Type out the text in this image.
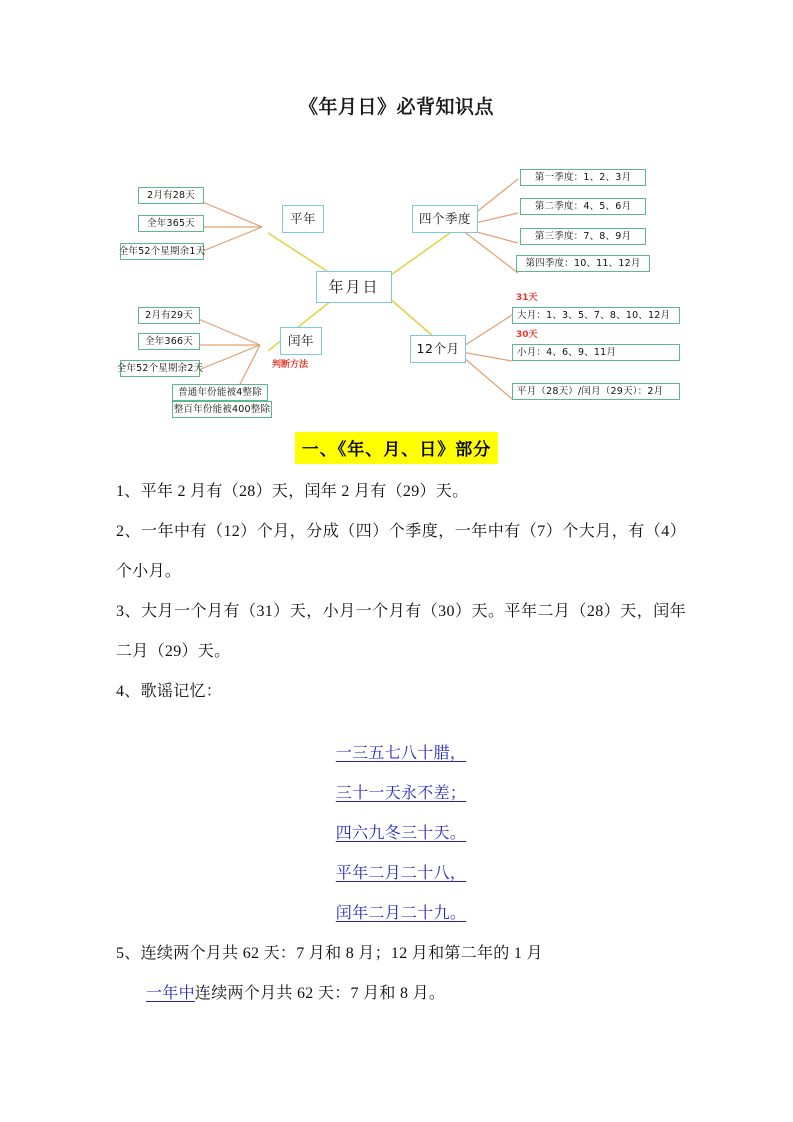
《年月日》必背知识点
年月日
平年
闰年
四个季度
12个月
2月有28天
全年365天
全年52个星期余1天
2月有29天
全年366天
全年52个星期余2天	判断方法
普通年份能被4整除
整百年份能被400整除
第一季度：1、2、3月
第二季度：4、5、6月
第三季度：7、8、9月
第四季度：10、11、12月
31天
大月：1、3、5、7、8、10、12月
30天
小月：4、6、9、11月
平月（28天）/闰月（29天）：2月
一、《年、月、日》部分

1、平年 2 月有（28）天，闰年 2 月有（29）天。

2、一年中有（12）个月，分成（四）个季度，一年中有（7）个大月，有（4）个小月。

3、大月一个月有（31）天，小月一个月有（30）天。平年二月（28）天，闰年二月（29）天。

4、歌谣记忆：

一三五七八十腊，

三十一天永不差；

四六九冬三十天。

平年二月二十八，

闰年二月二十九。

5、连续两个月共 62 天：7 月和 8 月；12 月和第二年的 1 月

一年中连续两个月共 62 天：7 月和 8 月。
